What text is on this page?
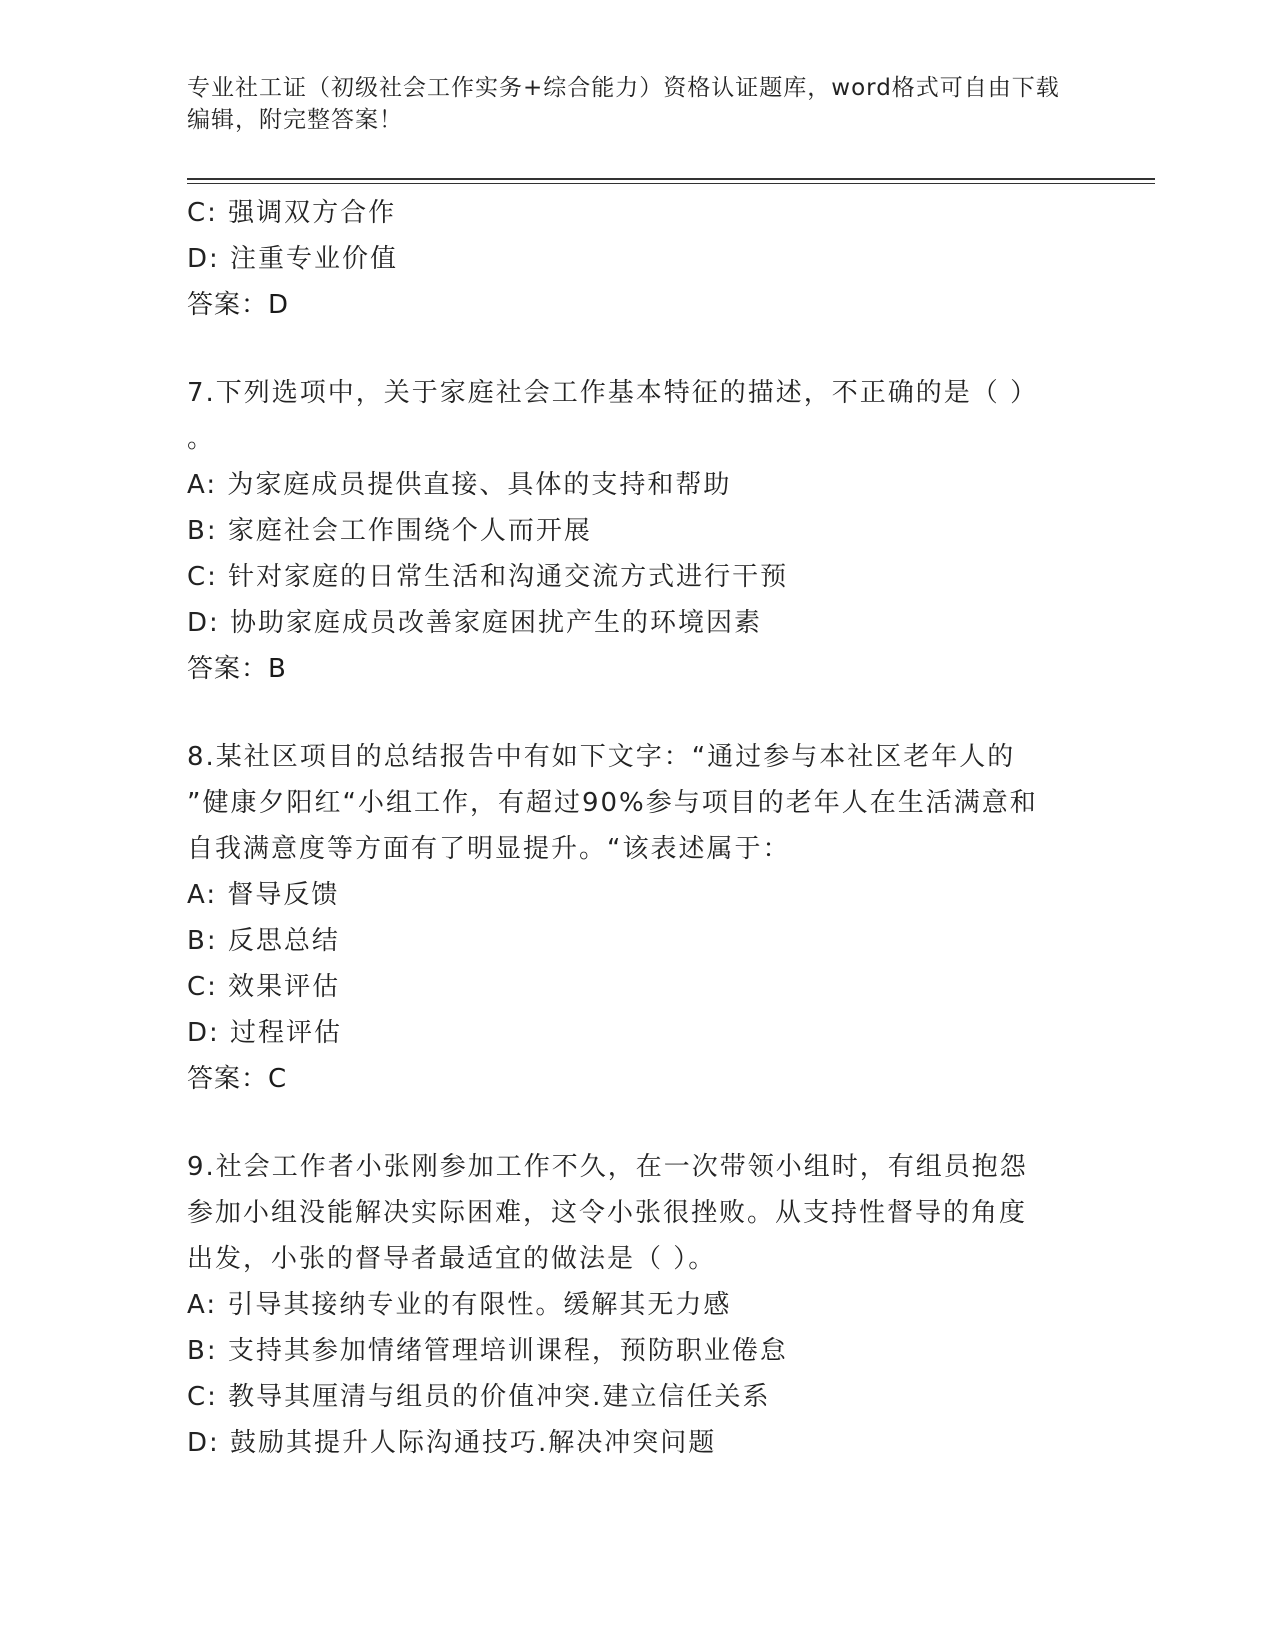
专业社工证（初级社会工作实务+综合能力）资格认证题库，word格式可自由下载
编辑，附完整答案！
C: 强调双方合作
D: 注重专业价值
答案：D
7.下列选项中，关于家庭社会工作基本特征的描述，不正确的是（ ）
。
A: 为家庭成员提供直接、具体的支持和帮助
B: 家庭社会工作围绕个人而开展
C: 针对家庭的日常生活和沟通交流方式进行干预
D: 协助家庭成员改善家庭困扰产生的环境因素
答案：B
8.某社区项目的总结报告中有如下文字：“通过参与本社区老年人的
”健康夕阳红“小组工作，有超过90%参与项目的老年人在生活满意和
自我满意度等方面有了明显提升。“该表述属于：
A: 督导反馈
B: 反思总结
C: 效果评估
D: 过程评估
答案：C
9.社会工作者小张刚参加工作不久，在一次带领小组时，有组员抱怨
参加小组没能解决实际困难，这令小张很挫败。从支持性督导的角度
出发，小张的督导者最适宜的做法是（ ）。
A: 引导其接纳专业的有限性。缓解其无力感
B: 支持其参加情绪管理培训课程，预防职业倦怠
C: 教导其厘清与组员的价值冲突.建立信任关系
D: 鼓励其提升人际沟通技巧.解决冲突问题
